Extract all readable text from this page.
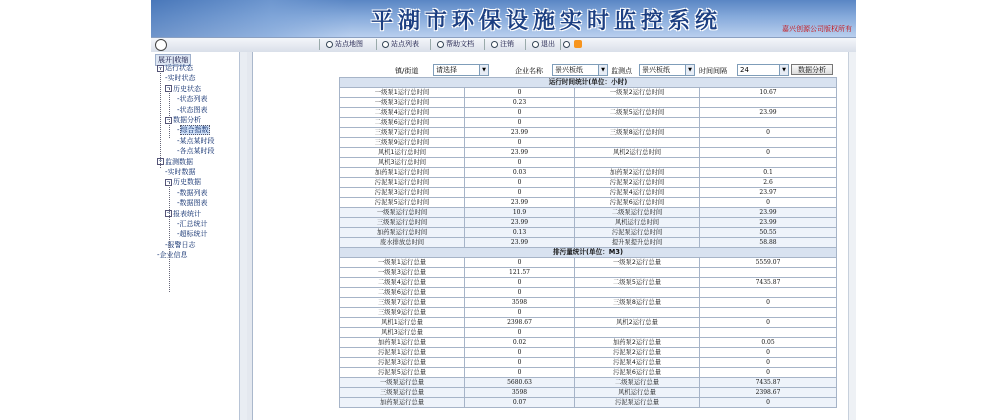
平湖市环保设施实时监控系统	嘉兴创源公司版权所有
站点地图	站点列表	帮助文档	注销	退出
展开|收缩
− 运行状态
-实时状态
− 历史状态
-状态列表
-状态图表
− 数据分析
-综合指数
-某点某时段
-各点某时段
− 监测数据
-实时数据
− 历史数据
-数据列表
-数据图表
− 报表统计
-汇总统计
-超标统计
-报警日志
-企业信息
镇/街道	请选择	▼	企业名称	景兴板纸	▼ 监测点	景兴板纸	▼ 时间间隔	24	▼	数据分析
运行时间统计(单位：小时)			
一级泵1运行总时间	0	一级泵2运行总时间	10.67
一级泵3运行总时间	0.23		
二级泵4运行总时间	0	二级泵5运行总时间	23.99
二级泵6运行总时间	0		
三级泵7运行总时间	23.99	三级泵8运行总时间	0
三级泵9运行总时间	0		
风机1运行总时间	23.99	风机2运行总时间	0
风机3运行总时间	0		
加药泵1运行总时间	0.03	加药泵2运行总时间	0.1
污泥泵1运行总时间	0	污泥泵2运行总时间	2.6
污泥泵3运行总时间	0	污泥泵4运行总时间	23.97
污泥泵5运行总时间	23.99	污泥泵6运行总时间	0
一级泵运行总时间	10.9	二级泵运行总时间	23.99
三级泵运行总时间	23.99	风机运行总时间	23.99
加药泵运行总时间	0.13	污泥泵运行总时间	50.55
废水排放总时间	23.99	提升泵提升总时间	58.88
排污量统计(单位：M3)			
一级泵1运行总量	0	一级泵2运行总量	5559.07
一级泵3运行总量	121.57		
二级泵4运行总量	0	二级泵5运行总量	7435.87
二级泵6运行总量	0		
三级泵7运行总量	3598	三级泵8运行总量	0
三级泵9运行总量	0		
风机1运行总量	2398.67	风机2运行总量	0
风机3运行总量	0		
加药泵1运行总量	0.02	加药泵2运行总量	0.05
污泥泵1运行总量	0	污泥泵2运行总量	0
污泥泵3运行总量	0	污泥泵4运行总量	0
污泥泵5运行总量	0	污泥泵6运行总量	0
一级泵运行总量	5680.63	二级泵运行总量	7435.87
三级泵运行总量	3598	风机运行总量	2398.67
加药泵运行总量	0.07	污泥泵运行总量	0
